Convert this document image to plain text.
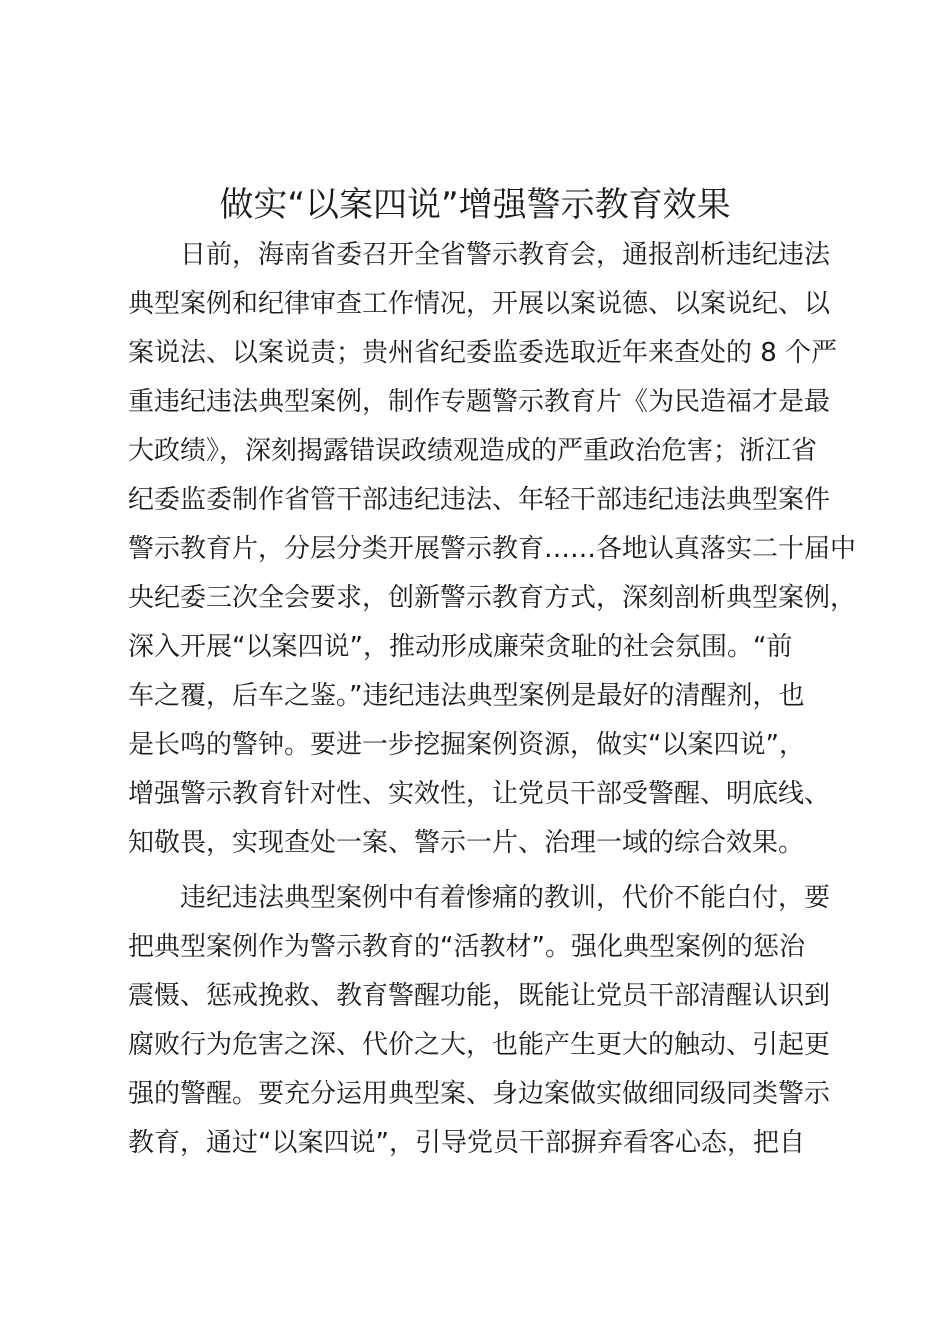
做实“以案四说”增强警示教育效果
日前，海南省委召开全省警示教育会，通报剖析违纪违法
典型案例和纪律审查工作情况，开展以案说德、以案说纪、以
案说法、以案说责；贵州省纪委监委选取近年来查处的 8 个严
重违纪违法典型案例，制作专题警示教育片《为民造福才是最
大政绩》，深刻揭露错误政绩观造成的严重政治危害；浙江省
纪委监委制作省管干部违纪违法、年轻干部违纪违法典型案件
警示教育片，分层分类开展警示教育……各地认真落实二十届中
央纪委三次全会要求，创新警示教育方式，深刻剖析典型案例，
深入开展“以案四说”，推动形成廉荣贪耻的社会氛围。“前
车之覆，后车之鉴。”违纪违法典型案例是最好的清醒剂，也
是长鸣的警钟。要进一步挖掘案例资源，做实“以案四说”，
增强警示教育针对性、实效性，让党员干部受警醒、明底线、
知敬畏，实现查处一案、警示一片、治理一域的综合效果。
违纪违法典型案例中有着惨痛的教训，代价不能白付，要
把典型案例作为警示教育的“活教材”。强化典型案例的惩治
震慑、惩戒挽救、教育警醒功能，既能让党员干部清醒认识到
腐败行为危害之深、代价之大，也能产生更大的触动、引起更
强的警醒。要充分运用典型案、身边案做实做细同级同类警示
教育，通过“以案四说”，引导党员干部摒弃看客心态，把自
